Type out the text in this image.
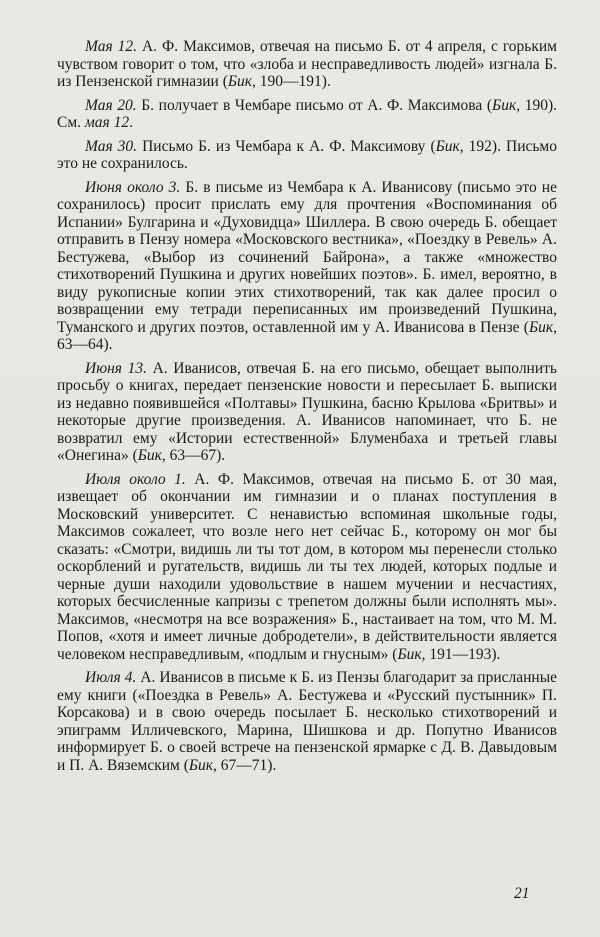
Мая 12. А. Ф. Максимов, отвечая на письмо Б. от 4 апреля, с горьким чувством говорит о том, что «злоба и несправедливость людей» изгнала Б. из Пензенской гимназии (Бик, 190—191).

Мая 20. Б. получает в Чембаре письмо от А. Ф. Максимова (Бик, 190). См. мая 12.

Мая 30. Письмо Б. из Чембара к А. Ф. Максимову (Бик, 192). Письмо это не сохранилось.

Июня около 3. Б. в письме из Чембара к А. Иванисову (письмо это не сохранилось) просит прислать ему для прочтения «Воспоминания об Испании» Булгарина и «Духовидца» Шиллера. В свою очередь Б. обещает отправить в Пензу номера «Московского вестника», «Поездку в Ревель» А. Бестужева, «Выбор из сочинений Байрона», а также «множество стихотворений Пушкина и других новейших поэтов». Б. имел, вероятно, в виду рукописные копии этих стихотворений, так как далее просил о возвращении ему тетради переписанных им произведений Пушкина, Туманского и других поэтов, оставленной им у А. Иванисова в Пензе (Бик, 63—64).

Июня 13. А. Иванисов, отвечая Б. на его письмо, обещает выполнить просьбу о книгах, передает пензенские новости и пересылает Б. выписки из недавно появившейся «Полтавы» Пушкина, басню Крылова «Бритвы» и некоторые другие произведения. А. Иванисов напоминает, что Б. не возвратил ему «Истории естественной» Блуменбаха и третьей главы «Онегина» (Бик, 63—67).

Июля около 1. А. Ф. Максимов, отвечая на письмо Б. от 30 мая, извещает об окончании им гимназии и о планах поступления в Московский университет. С ненавистью вспоминая школьные годы, Максимов сожалеет, что возле него нет сейчас Б., которому он мог бы сказать: «Смотри, видишь ли ты тот дом, в котором мы перенесли столько оскорблений и ругательств, видишь ли ты тех людей, которых подлые и черные души находили удовольствие в нашем мучении и несчастиях, которых бесчисленные капризы с трепетом должны были исполнять мы». Максимов, «несмотря на все возражения» Б., настаивает на том, что М. М. Попов, «хотя и имеет личные добродетели», в действительности является человеком несправедливым, «подлым и гнусным» (Бик, 191—193).

Июля 4. А. Иванисов в письме к Б. из Пензы благодарит за присланные ему книги («Поездка в Ревель» А. Бестужева и «Русский пустынник» П. Корсакова) и в свою очередь посылает Б. несколько стихотворений и эпиграмм Илличевского, Марина, Шишкова и др. Попутно Иванисов информирует Б. о своей встрече на пензенской ярмарке с Д. В. Давыдовым и П. А. Вяземским (Бик, 67—71).

21
